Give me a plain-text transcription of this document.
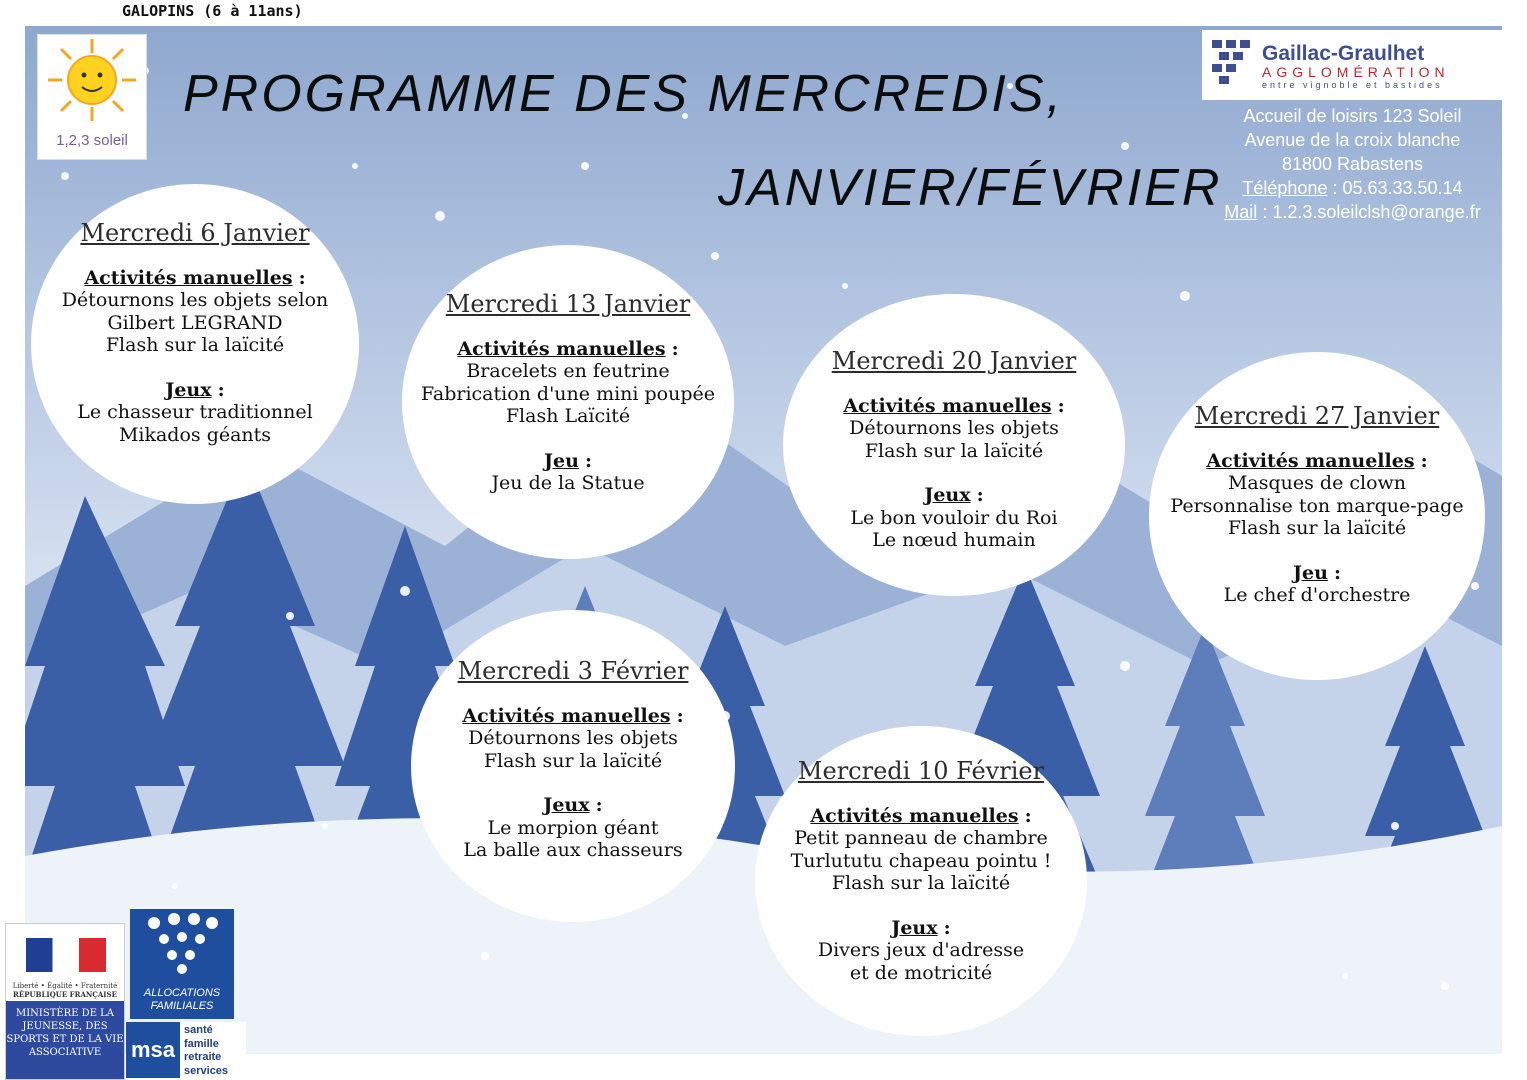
GALOPINS (6 à 11ans)
1,2,3 soleil
PROGRAMME DES MERCREDIS,
JANVIER/FÉVRIER
Gaillac-Graulhet
AGGLOMÉRATION
entre vignoble et bastides
Accueil de loisirs 123 Soleil
Avenue de la croix blanche
81800 Rabastens
Téléphone : 05.63.33.50.14
Mail : 1.2.3.soleilclsh@orange.fr
Mercredi 6 Janvier
Activités manuelles :
Détournons les objets selon
Gilbert LEGRAND
Flash sur la laïcité
Jeux :
Le chasseur traditionnel
Mikados géants
Mercredi 13 Janvier
Activités manuelles :
Bracelets en feutrine
Fabrication d'une mini poupée
Flash Laïcité
Jeu :
Jeu de la Statue
Mercredi 20 Janvier
Activités manuelles :
Détournons les objets
Flash sur la laïcité
Jeux :
Le bon vouloir du Roi
Le nœud humain
Mercredi 27 Janvier
Activités manuelles :
Masques de clown
Personnalise ton marque-page
Flash sur la laïcité
Jeu :
Le chef d'orchestre
Mercredi 3 Février
Activités manuelles :
Détournons les objets
Flash sur la laïcité
Jeux :
Le morpion géant
La balle aux chasseurs
Mercredi 10 Février
Activités manuelles :
Petit panneau de chambre
Turlututu chapeau pointu !
Flash sur la laïcité
Jeux :
Divers jeux d'adresse
et de motricité
Liberté • Égalité • Fraternité
RÉPUBLIQUE FRANÇAISE
MINISTÈRE DE LA JEUNESSE, DES SPORTS ET DE LA VIE ASSOCIATIVE
ALLOCATIONS FAMILIALES
msa
santé
famille
retraite
services
